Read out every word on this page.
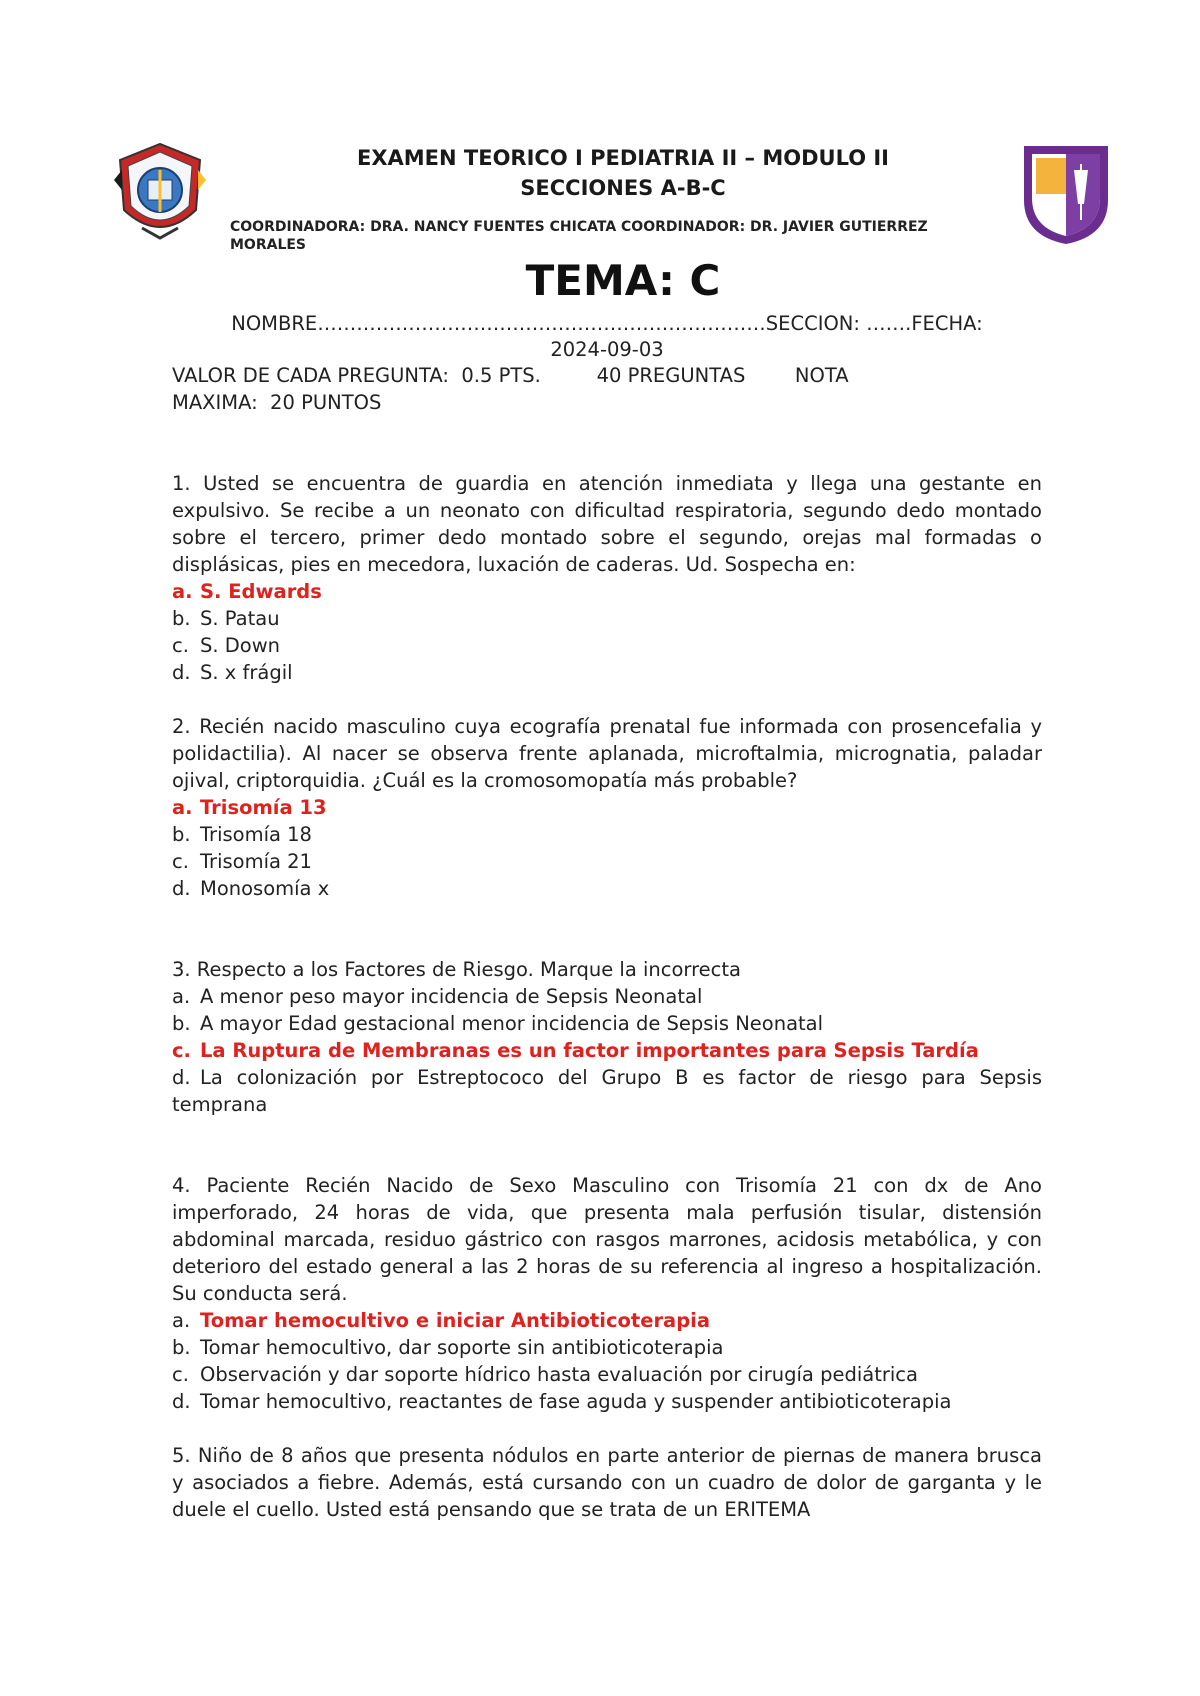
EXAMEN TEORICO I PEDIATRIA II – MODULO II
SECCIONES A-B-C
COORDINADORA: DRA. NANCY FUENTES CHICATA COORDINADOR: DR. JAVIER GUTIERREZ MORALES
TEMA: C
NOMBRE……………………………………………………………SECCION: …….FECHA:
2024-09-03
VALOR DE CADA PREGUNTA:  0.5 PTS.         40 PREGUNTAS        NOTA
MAXIMA:  20 PUNTOS
1. Usted se encuentra de guardia en atención inmediata y llega una gestante en expulsivo. Se recibe a un neonato con dificultad respiratoria, segundo dedo montado sobre el tercero, primer dedo montado sobre el segundo, orejas mal formadas o displásicas, pies en mecedora, luxación de caderas. Ud. Sospecha en:
a. S. Edwards
b. S. Patau
c. S. Down
d. S. x frágil
2. Recién nacido masculino cuya ecografía prenatal fue informada con prosencefalia y polidactilia). Al nacer se observa frente aplanada, microftalmia, micrognatia, paladar ojival, criptorquidia. ¿Cuál es la cromosomopatía más probable?
a. Trisomía 13
b. Trisomía 18
c. Trisomía 21
d. Monosomía x
3. Respecto a los Factores de Riesgo. Marque la incorrecta
a. A menor peso mayor incidencia de Sepsis Neonatal
b. A mayor Edad gestacional menor incidencia de Sepsis Neonatal
c. La Ruptura de Membranas es un factor importantes para Sepsis Tardía
d. La colonización por Estreptococo del Grupo B es factor de riesgo para Sepsis temprana
4. Paciente Recién Nacido de Sexo Masculino con Trisomía 21 con dx de Ano imperforado, 24 horas de vida, que presenta mala perfusión tisular, distensión abdominal marcada, residuo gástrico con rasgos marrones, acidosis metabólica, y con deterioro del estado general a las 2 horas de su referencia al ingreso a hospitalización. Su conducta será.
a. Tomar hemocultivo e iniciar Antibioticoterapia
b. Tomar hemocultivo, dar soporte sin antibioticoterapia
c. Observación y dar soporte hídrico hasta evaluación por cirugía pediátrica
d. Tomar hemocultivo, reactantes de fase aguda y suspender antibioticoterapia
5. Niño de 8 años que presenta nódulos en parte anterior de piernas de manera brusca y asociados a fiebre. Además, está cursando con un cuadro de dolor de garganta y le duele el cuello. Usted está pensando que se trata de un ERITEMA
